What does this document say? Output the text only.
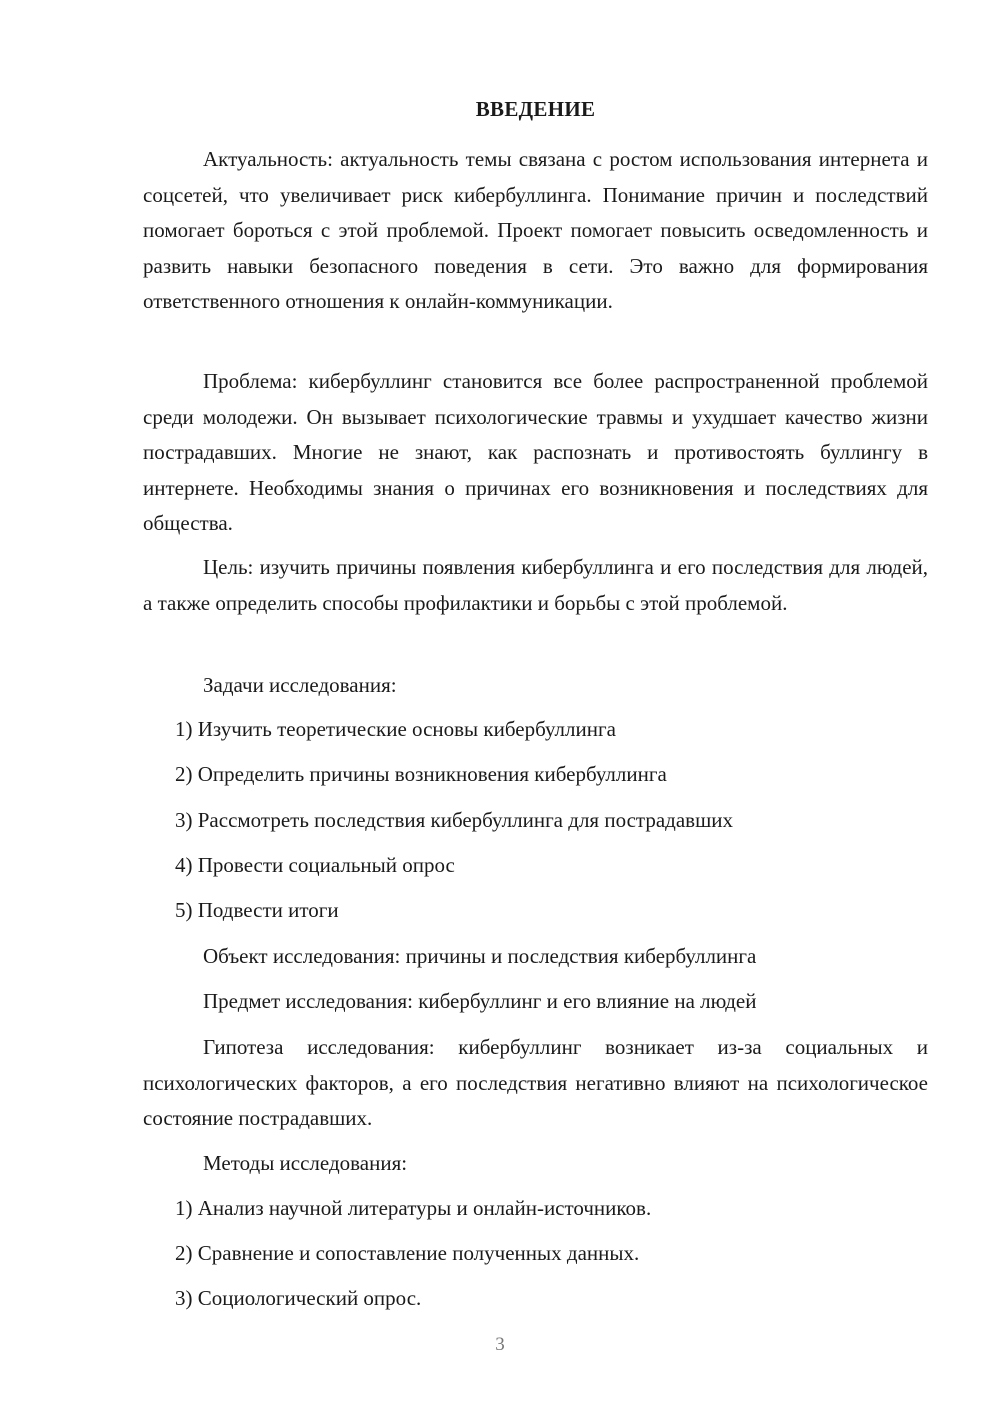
ВВЕДЕНИЕ

Актуальность: актуальность темы связана с ростом использования интернета и соцсетей, что увеличивает риск кибербуллинга. Понимание причин и последствий помогает бороться с этой проблемой. Проект помогает повысить осведомленность и развить навыки безопасного поведения в сети. Это важно для формирования ответственного отношения к онлайн-коммуникации.

Проблема: кибербуллинг становится все более распространенной проблемой среди молодежи. Он вызывает психологические травмы и ухудшает качество жизни пострадавших. Многие не знают, как распознать и противостоять буллингу в интернете. Необходимы знания о причинах его возникновения и последствиях для общества.

Цель: изучить причины появления кибербуллинга и его последствия для людей, а также определить способы профилактики и борьбы с этой проблемой.

Задачи исследования:

1) Изучить теоретические основы кибербуллинга

2) Определить причины возникновения кибербуллинга

3) Рассмотреть последствия кибербуллинга для пострадавших

4) Провести социальный опрос

5) Подвести итоги

Объект исследования: причины и последствия кибербуллинга

Предмет исследования: кибербуллинг и его влияние на людей

Гипотеза исследования: кибербуллинг возникает из-за социальных и психологических факторов, а его последствия негативно влияют на психологическое состояние пострадавших.

Методы исследования:

1) Анализ научной литературы и онлайн-источников.

2) Сравнение и сопоставление полученных данных.

3) Социологический опрос.

3
